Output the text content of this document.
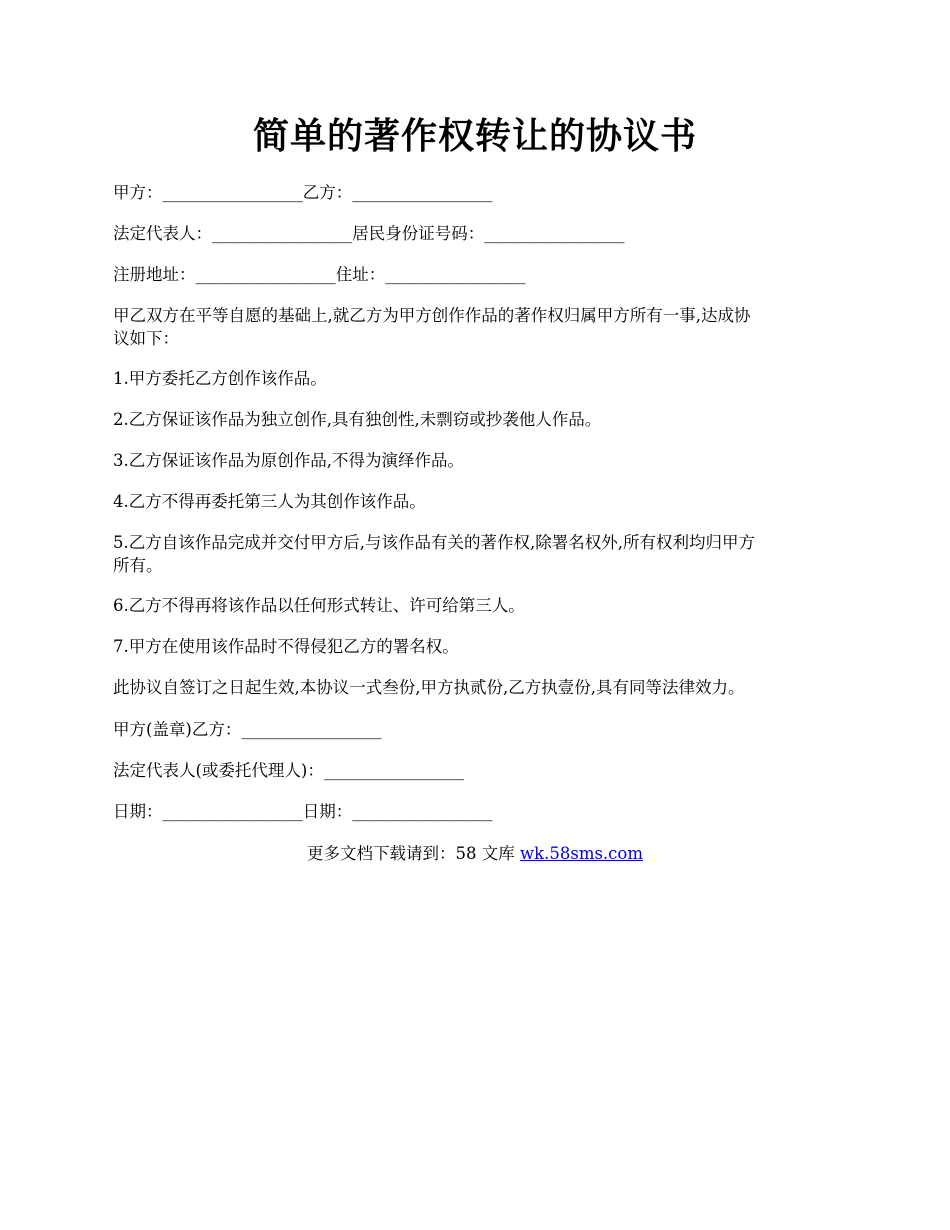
简单的著作权转让的协议书
甲方：_________________乙方：_________________
法定代表人：_________________居民身份证号码：_________________
注册地址：_________________住址：_________________
甲乙双方在平等自愿的基础上,就乙方为甲方创作作品的著作权归属甲方所有一事,达成协
议如下：
1.甲方委托乙方创作该作品。
2.乙方保证该作品为独立创作,具有独创性,未剽窃或抄袭他人作品。
3.乙方保证该作品为原创作品,不得为演绎作品。
4.乙方不得再委托第三人为其创作该作品。
5.乙方自该作品完成并交付甲方后,与该作品有关的著作权,除署名权外,所有权利均归甲方
所有。
6.乙方不得再将该作品以任何形式转让、许可给第三人。
7.甲方在使用该作品时不得侵犯乙方的署名权。
此协议自签订之日起生效,本协议一式叁份,甲方执贰份,乙方执壹份,具有同等法律效力。
甲方(盖章)乙方：_________________
法定代表人(或委托代理人)：_________________
日期：_________________日期：_________________
更多文档下载请到：58 文库 wk.58sms.com
